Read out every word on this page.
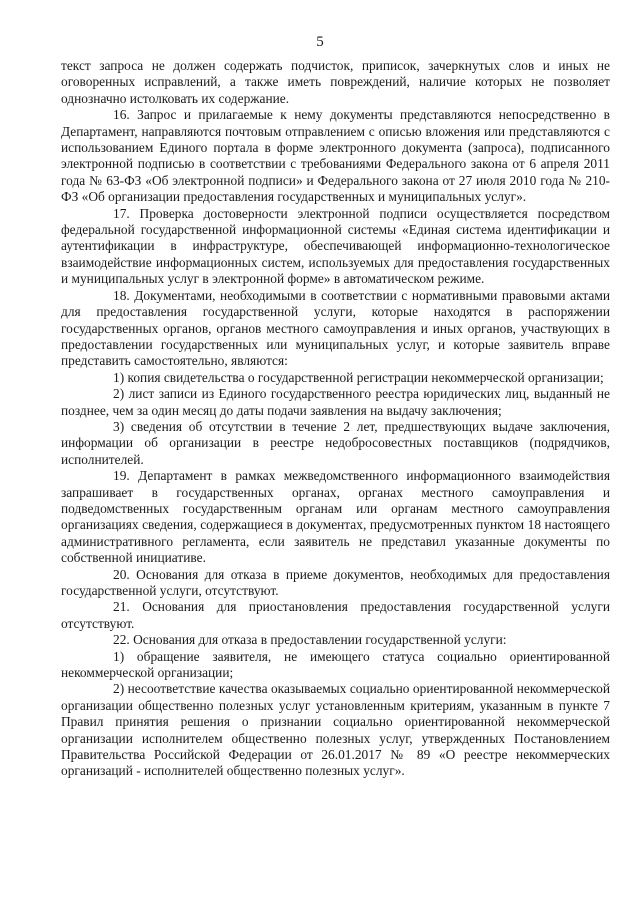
5

текст запроса не должен содержать подчисток, приписок, зачеркнутых слов и иных не оговоренных исправлений, а также иметь повреждений, наличие которых не позволяет однозначно истолковать их содержание.

16. Запрос и прилагаемые к нему документы представляются непосредственно в Департамент, направляются почтовым отправлением с описью вложения или представляются с использованием Единого портала в форме электронного документа (запроса), подписанного электронной подписью в соответствии с требованиями Федерального закона от 6 апреля 2011 года № 63-ФЗ «Об электронной подписи» и Федерального закона от 27 июля 2010 года № 210-ФЗ «Об организации предоставления государственных и муниципальных услуг».

17. Проверка достоверности электронной подписи осуществляется посредством федеральной государственной информационной системы «Единая система идентификации и аутентификации в инфраструктуре, обеспечивающей информационно-технологическое взаимодействие информационных систем, используемых для предоставления государственных и муниципальных услуг в электронной форме» в автоматическом режиме.

18. Документами, необходимыми в соответствии с нормативными правовыми актами для предоставления государственной услуги, которые находятся в распоряжении государственных органов, органов местного самоуправления и иных органов, участвующих в предоставлении государственных или муниципальных услуг, и которые заявитель вправе представить самостоятельно, являются:

1) копия свидетельства о государственной регистрации некоммерческой организации;

2) лист записи из Единого государственного реестра юридических лиц, выданный не позднее, чем за один месяц до даты подачи заявления на выдачу заключения;

3) сведения об отсутствии в течение 2 лет, предшествующих выдаче заключения, информации об организации в реестре недобросовестных поставщиков (подрядчиков, исполнителей.

19. Департамент в рамках межведомственного информационного взаимодействия запрашивает в государственных органах, органах местного самоуправления и подведомственных государственным органам или органам местного самоуправления организациях сведения, содержащиеся в документах, предусмотренных пунктом 18 настоящего административного регламента, если заявитель не представил указанные документы по собственной инициативе.

20. Основания для отказа в приеме документов, необходимых для предоставления государственной услуги, отсутствуют.

21. Основания для приостановления предоставления государственной услуги отсутствуют.

22. Основания для отказа в предоставлении государственной услуги:

1) обращение заявителя, не имеющего статуса социально ориентированной некоммерческой организации;

2) несоответствие качества оказываемых социально ориентированной некоммерческой организации общественно полезных услуг установленным критериям, указанным в пункте 7 Правил принятия решения о признании социально ориентированной некоммерческой организации исполнителем общественно полезных услуг, утвержденных Постановлением Правительства Российской Федерации от 26.01.2017 № 89 «О реестре некоммерческих организаций - исполнителей общественно полезных услуг».
